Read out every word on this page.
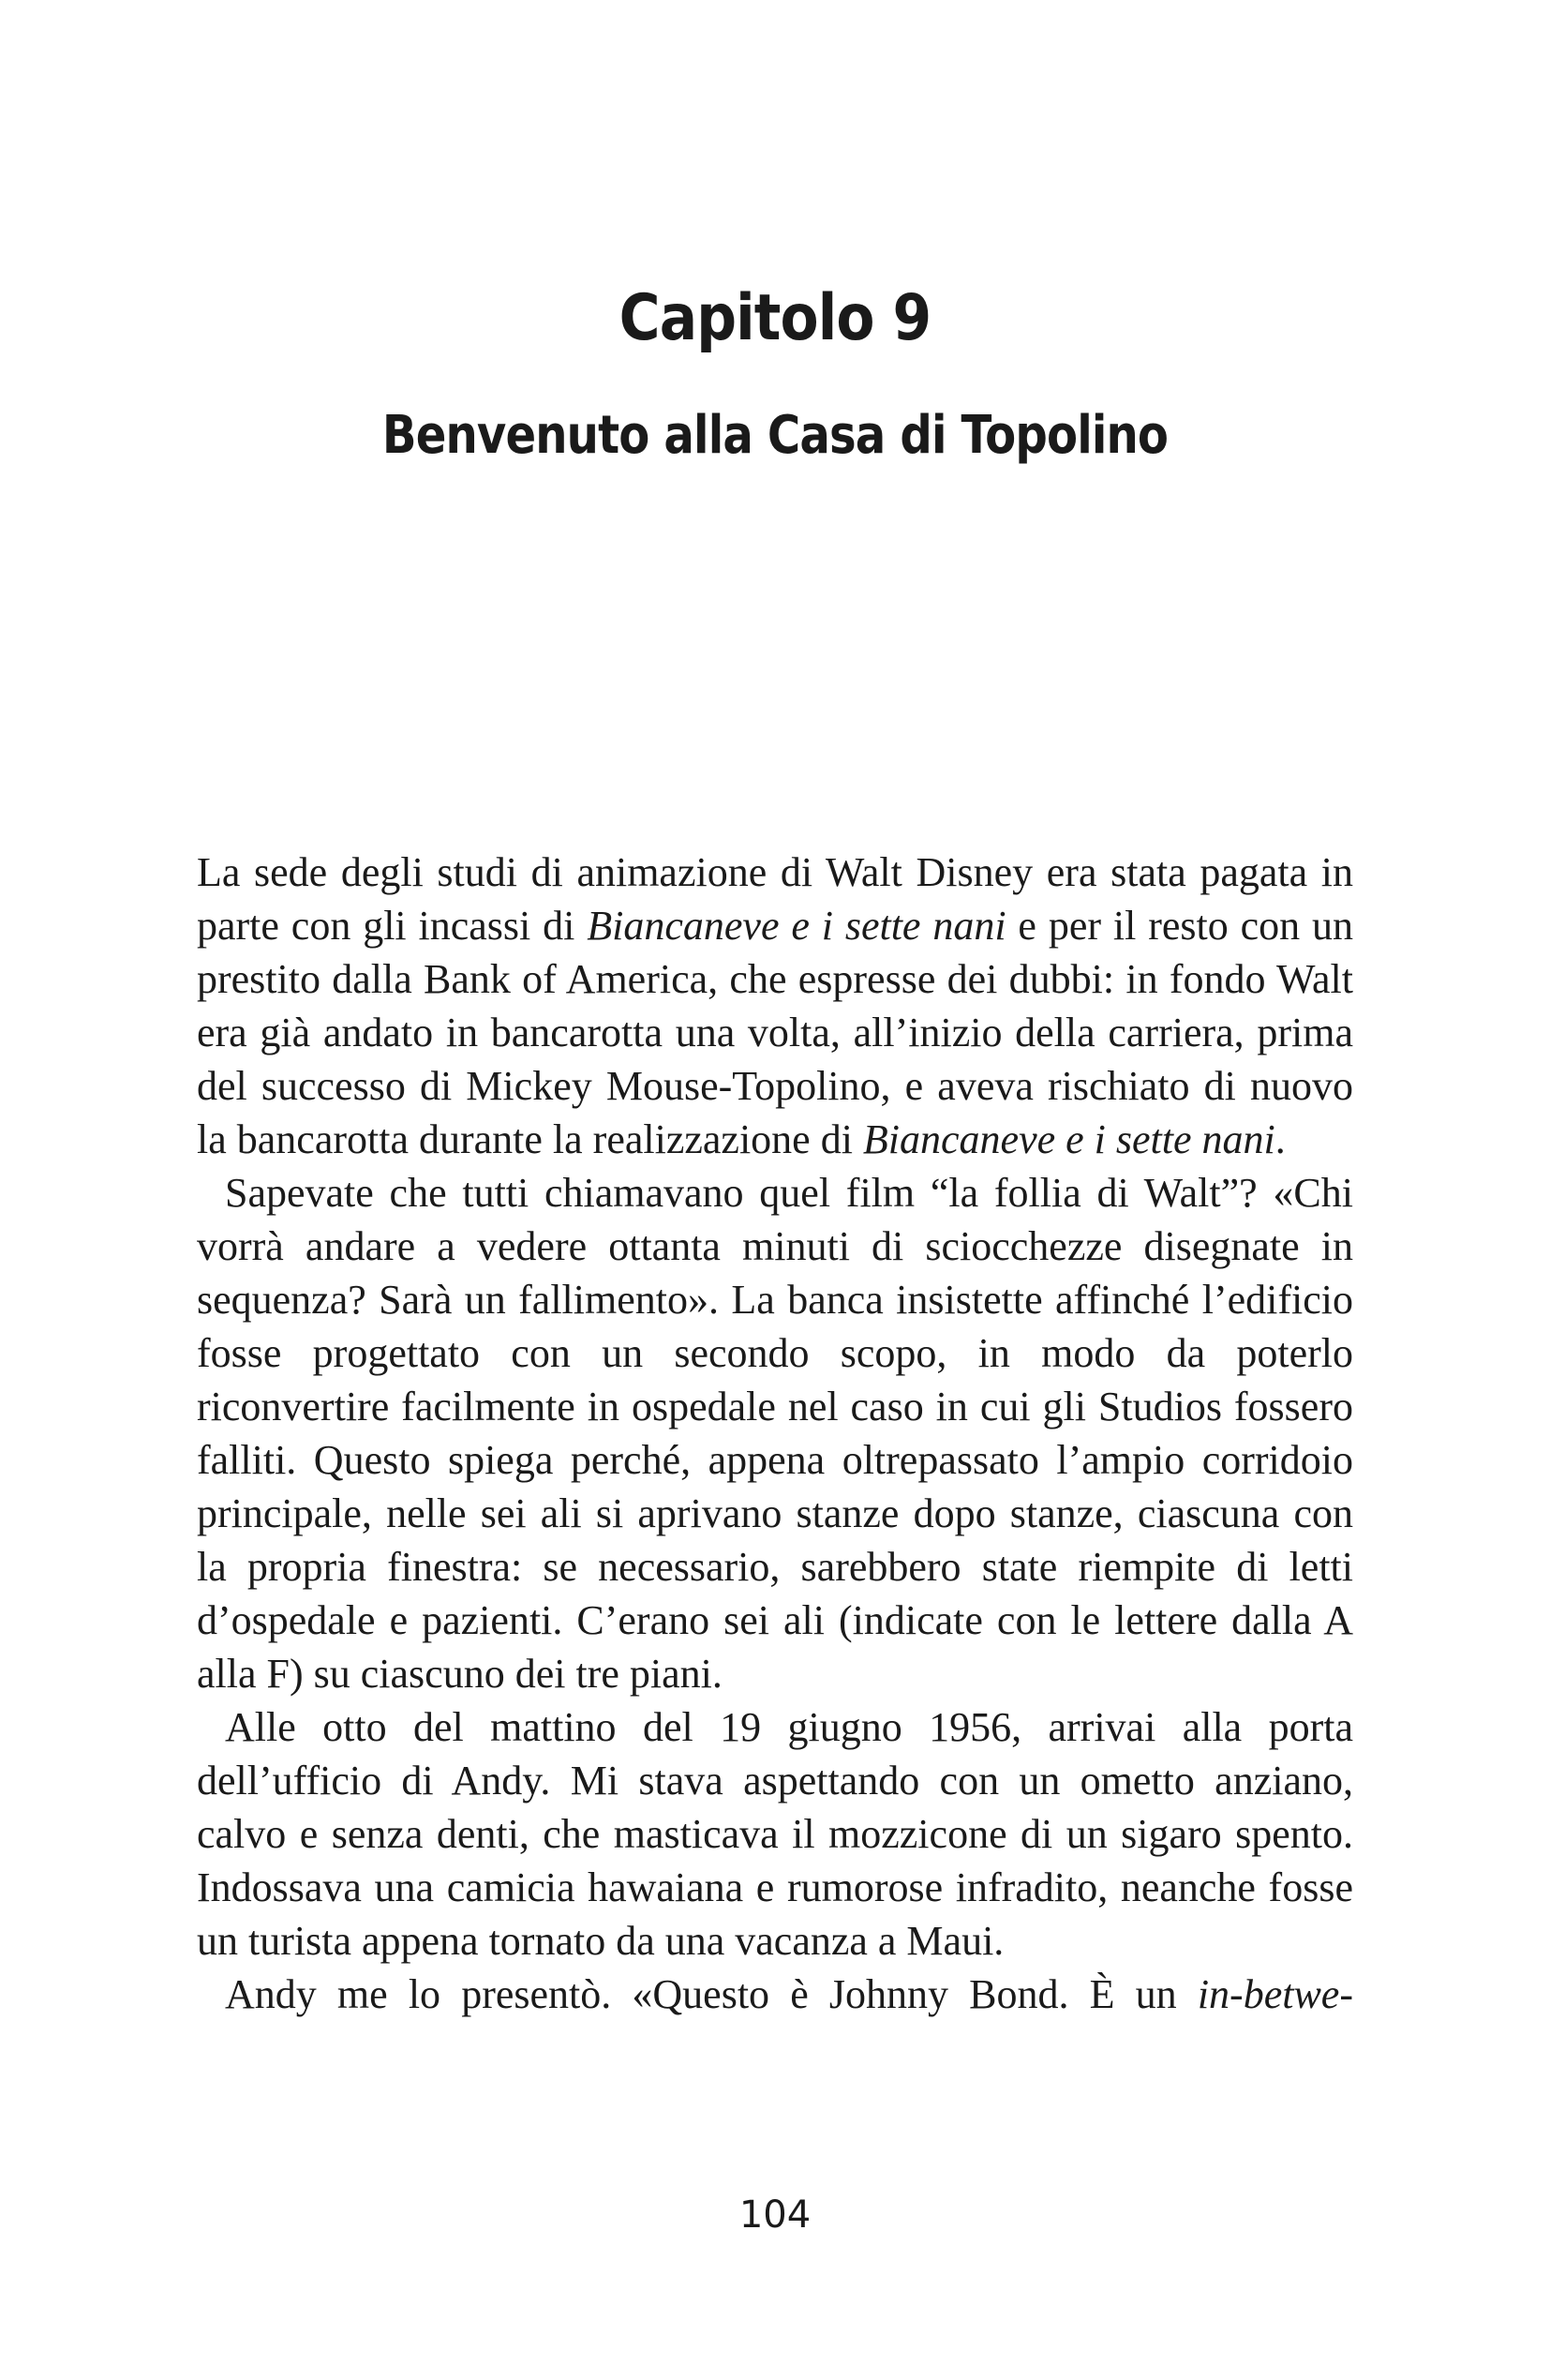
Capitolo 9
Benvenuto alla Casa di Topolino

La sede degli studi di animazione di Walt Disney era stata pagata in parte con gli incassi di Biancaneve e i sette nani e per il resto con un prestito dalla Bank of America, che espresse dei dubbi: in fondo Walt era già andato in bancarotta una volta, all’inizio della carriera, prima del successo di Mickey Mouse-Topolino, e aveva rischiato di nuovo la bancarotta durante la realizzazione di Biancaneve e i sette nani.

Sapevate che tutti chiamavano quel film “la follia di Walt”? «Chi vorrà andare a vedere ottanta minuti di sciocchezze disegnate in sequenza? Sarà un fallimento». La banca insistette affinché l’edificio fosse progettato con un secondo scopo, in modo da poterlo riconvertire facilmente in ospedale nel caso in cui gli Studios fossero falliti. Questo spiega perché, appena oltrepassato l’ampio corridoio principale, nelle sei ali si aprivano stanze dopo stanze, ciascuna con la propria finestra: se necessario, sarebbero state riempite di letti d’ospedale e pazienti. C’erano sei ali (indicate con le lettere dalla A alla F) su ciascuno dei tre piani.

Alle otto del mattino del 19 giugno 1956, arrivai alla porta dell’ufficio di Andy. Mi stava aspettando con un ometto anziano, calvo e senza denti, che masticava il mozzicone di un sigaro spento. Indossava una camicia hawaiana e rumorose infradito, neanche fosse un turista appena tornato da una vacanza a Maui.

Andy me lo presentò. «Questo è Johnny Bond. È un in-betwe-

104
